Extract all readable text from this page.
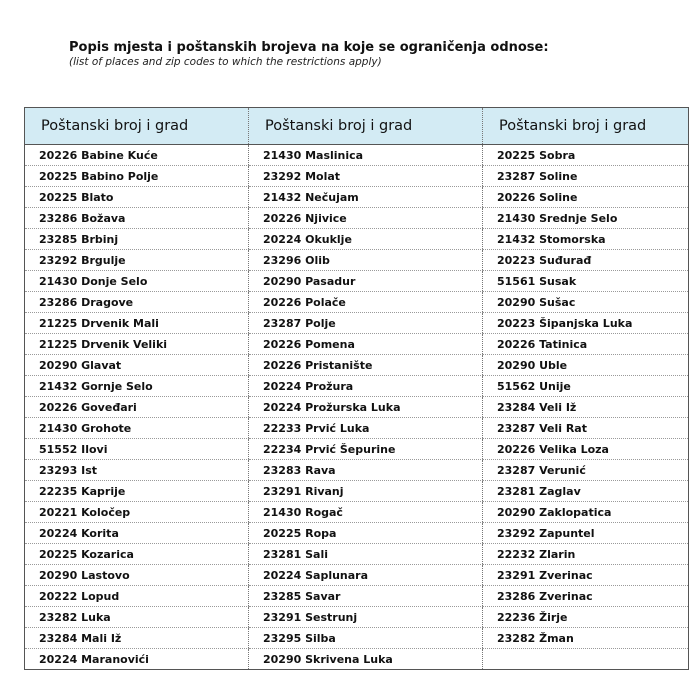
Popis mjesta i poštanskih brojeva na koje se ograničenja odnose:
(list of places and zip codes to which the restrictions apply)
Poštanski broj i grad	Poštanski broj i grad	Poštanski broj i grad
20226 Babine Kuće	21430 Maslinica	20225 Sobra
20225 Babino Polje	23292 Molat	23287 Soline
20225 Blato	21432 Nečujam	20226 Soline
23286 Božava	20226 Njivice	21430 Srednje Selo
23285 Brbinj	20224 Okuklje	21432 Stomorska
23292 Brgulje	23296 Olib	20223 Suđurađ
21430 Donje Selo	20290 Pasadur	51561 Susak
23286 Dragove	20226 Polače	20290 Sušac
21225 Drvenik Mali	23287 Polje	20223 Šipanjska Luka
21225 Drvenik Veliki	20226 Pomena	20226 Tatinica
20290 Glavat	20226 Pristanište	20290 Uble
21432 Gornje Selo	20224 Prožura	51562 Unije
20226 Goveđari	20224 Prožurska Luka	23284 Veli Iž
21430 Grohote	22233 Prvić Luka	23287 Veli Rat
51552 Ilovi	22234 Prvić Šepurine	20226 Velika Loza
23293 Ist	23283 Rava	23287 Verunić
22235 Kaprije	23291 Rivanj	23281 Zaglav
20221 Koločep	21430 Rogač	20290 Zaklopatica
20224 Korita	20225 Ropa	23292 Zapuntel
20225 Kozarica	23281 Sali	22232 Zlarin
20290 Lastovo	20224 Saplunara	23291 Zverinac
20222 Lopud	23285 Savar	23286 Zverinac
23282 Luka	23291 Sestrunj	22236 Žirje
23284 Mali Iž	23295 Silba	23282 Žman
20224 Maranovići	20290 Skrivena Luka	
